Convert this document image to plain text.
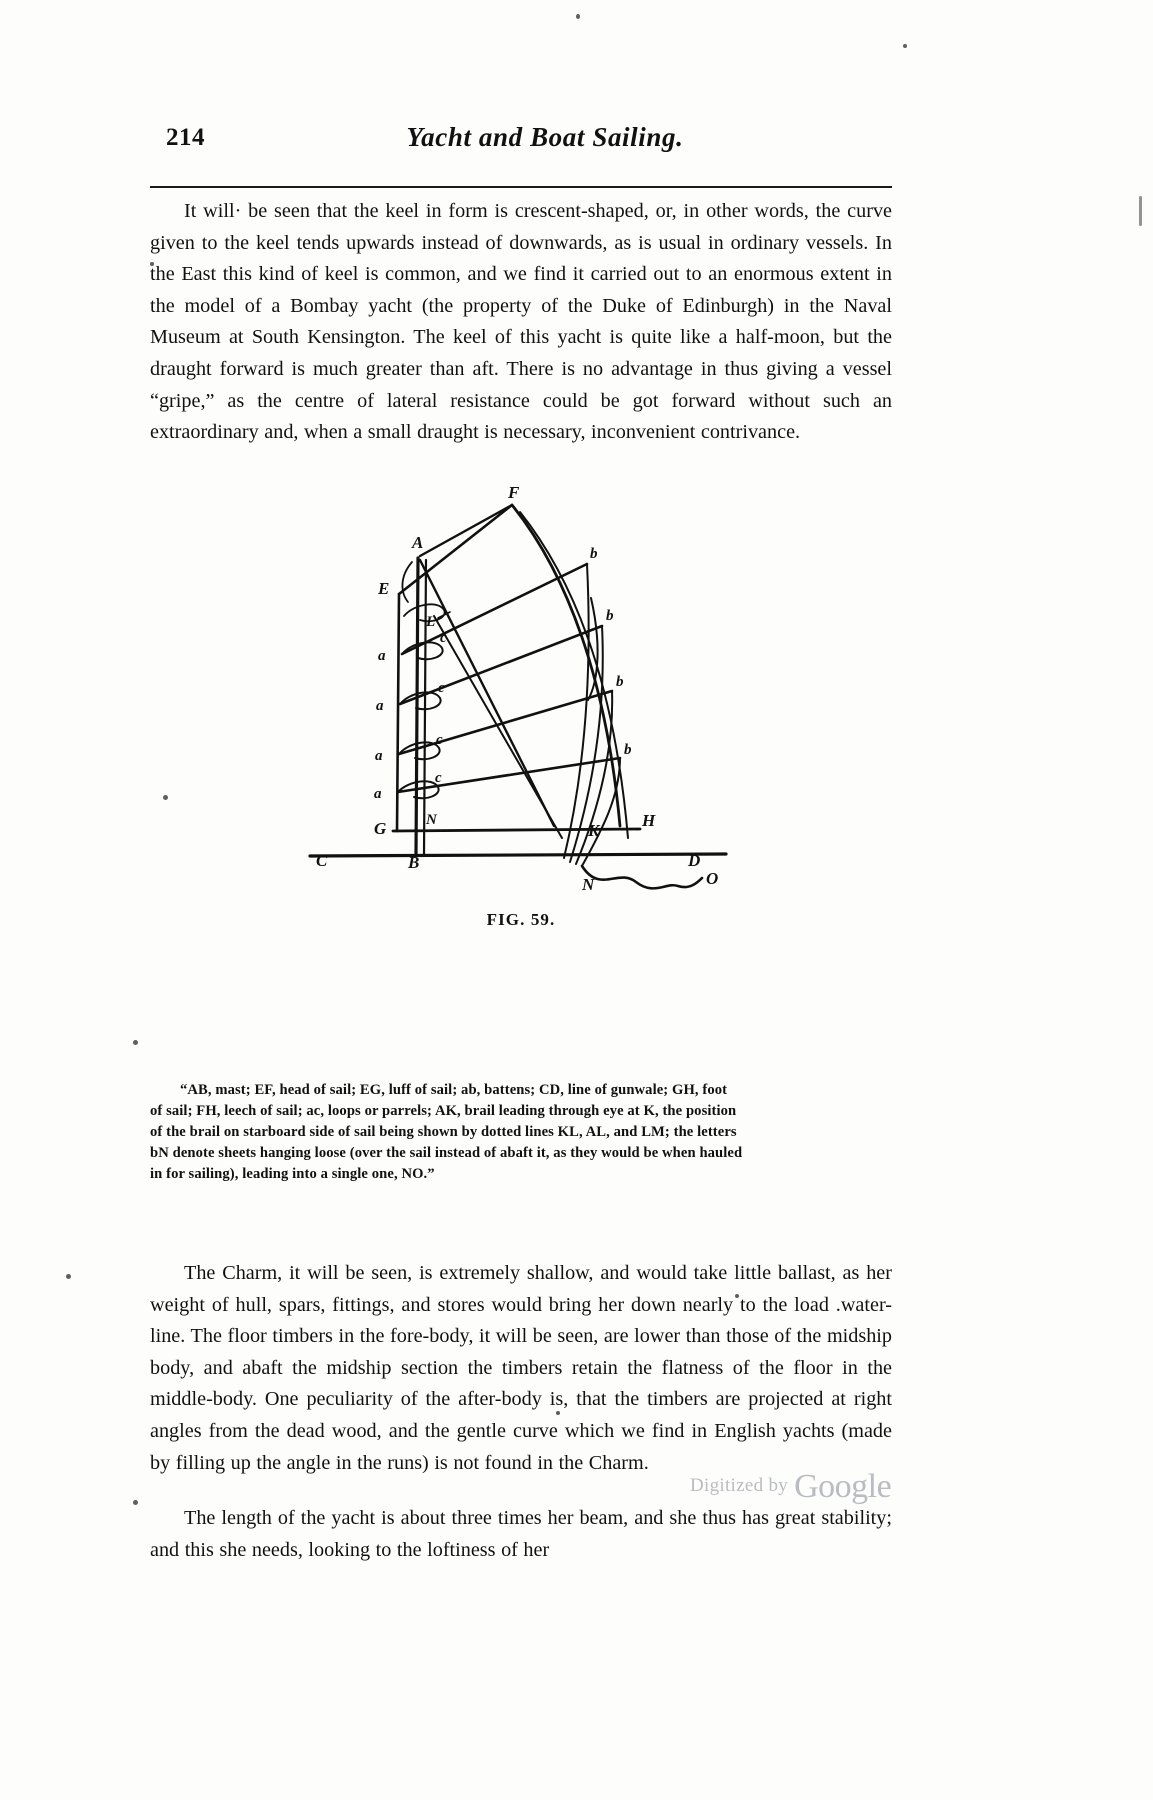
214	Yacht and Boat Sailing.

It will· be seen that the keel in form is crescent-shaped, or, in other words, the curve given to the keel tends upwards instead of downwards, as is usual in ordinary vessels. In the East this kind of keel is common, and we find it carried out to an enormous extent in the model of a Bombay yacht (the property of the Duke of Edinburgh) in the Naval Museum at South Kensington. The keel of this yacht is quite like a half-moon, but the draught forward is much greater than aft. There is no advantage in thus giving a vessel “gripe,” as the centre of lateral resistance could be got forward without such an extraordinary and, when a small draught is necessary, inconvenient contrivance.

F
A
E
L
G	N
K
H
C	B	D
N	O
a
a
a
a
c
c
c
c
b
b
b
b
FIG. 59.
“AB, mast; EF, head of sail; EG, luff of sail; ab, battens; CD, line of gunwale; GH, foot
of sail; FH, leech of sail; ac, loops or parrels; AK, brail leading through eye at K, the position
of the brail on starboard side of sail being shown by dotted lines KL, AL, and LM; the letters
bN denote sheets hanging loose (over the sail instead of abaft it, as they would be when hauled
in for sailing), leading into a single one, NO.”

The Charm, it will be seen, is extremely shallow, and would take little ballast, as her weight of hull, spars, fittings, and stores would bring her down nearly to the load .water-line. The floor timbers in the fore-body, it will be seen, are lower than those of the midship body, and abaft the midship section the timbers retain the flatness of the floor in the middle-body. One peculiarity of the after-body is, that the timbers are projected at right angles from the dead wood, and the gentle curve which we find in English yachts (made by filling up the angle in the runs) is not found in the Charm.

The length of the yacht is about three times her beam, and she thus has great stability; and this she needs, looking to the loftiness of her

Digitized by Google
